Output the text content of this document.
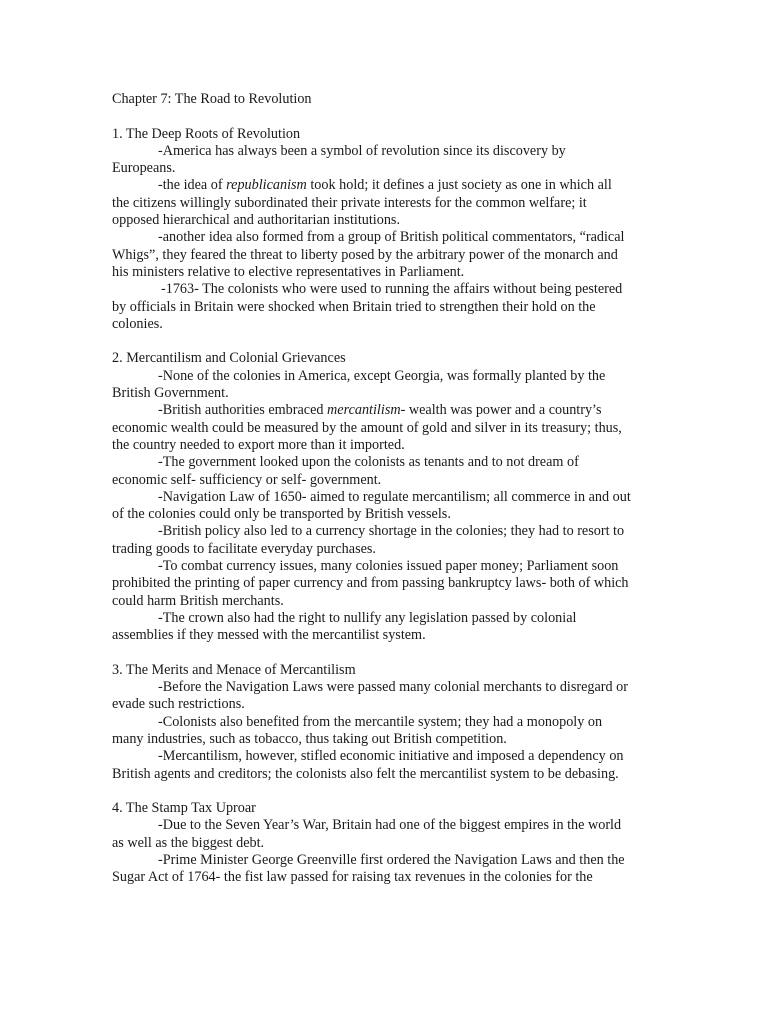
Chapter 7: The Road to Revolution

1. The Deep Roots of Revolution

-America has always been a symbol of revolution since its discovery by Europeans.

-the idea of republicanism took hold; it defines a just society as one in which all the citizens willingly subordinated their private interests for the common welfare; it opposed hierarchical and authoritarian institutions.

-another idea also formed from a group of British political commentators, “radical Whigs”, they feared the threat to liberty posed by the arbitrary power of the monarch and his ministers relative to elective representatives in Parliament.

-1763- The colonists who were used to running the affairs without being pestered by officials in Britain were shocked when Britain tried to strengthen their hold on the colonies.

2. Mercantilism and Colonial Grievances

-None of the colonies in America, except Georgia, was formally planted by the British Government.

-British authorities embraced mercantilism- wealth was power and a country’s economic wealth could be measured by the amount of gold and silver in its treasury; thus, the country needed to export more than it imported.

-The government looked upon the colonists as tenants and to not dream of economic self- sufficiency or self- government.

-Navigation Law of 1650- aimed to regulate mercantilism; all commerce in and out of the colonies could only be transported by British vessels.

-British policy also led to a currency shortage in the colonies; they had to resort to trading goods to facilitate everyday purchases.

-To combat currency issues, many colonies issued paper money; Parliament soon prohibited the printing of paper currency and from passing bankruptcy laws- both of which could harm British merchants.

-The crown also had the right to nullify any legislation passed by colonial assemblies if they messed with the mercantilist system.

3. The Merits and Menace of Mercantilism

-Before the Navigation Laws were passed many colonial merchants to disregard or evade such restrictions.

-Colonists also benefited from the mercantile system; they had a monopoly on many industries, such as tobacco, thus taking out British competition.

-Mercantilism, however, stifled economic initiative and imposed a dependency on British agents and creditors; the colonists also felt the mercantilist system to be debasing.

4. The Stamp Tax Uproar

-Due to the Seven Year’s War, Britain had one of the biggest empires in the world as well as the biggest debt.

-Prime Minister George Greenville first ordered the Navigation Laws and then the Sugar Act of 1764- the fist law passed for raising tax revenues in the colonies for the
